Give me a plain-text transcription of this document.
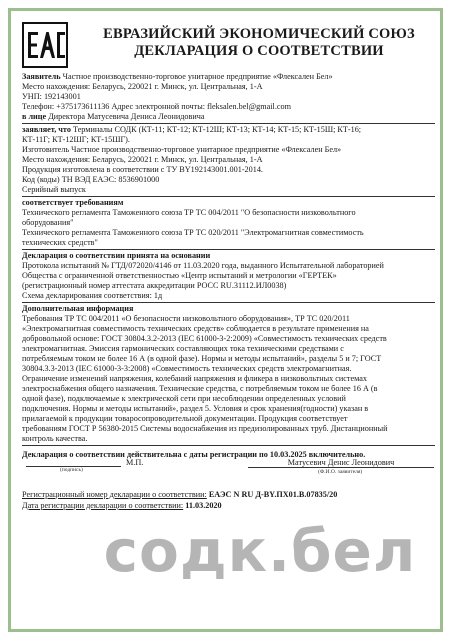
ЕВРАЗИЙСКИЙ ЭКОНОМИЧЕСКИЙ СОЮЗ
ДЕКЛАРАЦИЯ О СООТВЕТСТВИИ
Заявитель Частное производственно-торговое унитарное предприятие «Флексален Бел»
Место нахождения: Беларусь, 220021 г. Минск, ул. Центральная, 1-А
УНП: 192143001
Телефон: +375173611136 Адрес электронной почты: fleksalen.bel@gmail.com
в лице Директора Матусевича Дениса Леонидовича
заявляет, что Терминалы СОДК (КТ-11; КТ-12; КТ-12Ш; КТ-13; КТ-14; КТ-15; КТ-15Ш; КТ-16;
КТ-11Г; КТ-12ШГ; КТ-15ШГ).
Изготовитель Частное производственно-торговое унитарное предприятие «Флексален Бел»
Место нахождения: Беларусь, 220021 г. Минск, ул. Центральная, 1-А
Продукция изготовлена в соответствии с ТУ BY192143001.001-2014.
Код (коды) ТН ВЭД ЕАЭС: 8536901000
Серийный выпуск
соответствует требованиям
Технического регламента Таможенного союза ТР ТС 004/2011 "О безопасности низковольтного
оборудования"
Технического регламента Таможенного союза ТР ТС 020/2011 "Электромагнитная совместимость
технических средств"
Декларация о соответствии принята на основании
Протокола испытаний № ГТД/072020/4146 от 11.03.2020 года, выданного Испытательной лабораторией
Общества с ограниченной ответственностью «Центр испытаний и метрологии «ГЕРТЕК»
(регистрационный номер аттестата аккредитации РОСС RU.31112.ИЛ0038)
Схема декларирования соответствия: 1д
Дополнительная информация
Требования ТР ТС 004/2011 «О безопасности низковольтного оборудования», ТР ТС 020/2011
«Электромагнитная совместимость технических средств» соблюдается в результате применения на
добровольной основе: ГОСТ 30804.3.2-2013 (IEC 61000-3-2:2009) «Совместимость технических средств
электромагнитная. Эмиссия гармонических составляющих тока техническими средствами с
потребляемым током не более 16 А (в одной фазе). Нормы и методы испытаний», разделы 5 и 7; ГОСТ
30804.3.3-2013 (IEC 61000-3-3:2008) «Совместимость технических средств электромагнитная.
Ограничение изменений напряжения, колебаний напряжения и фликера в низковольтных системах
электроснабжения общего назначения. Технические средства, с потребляемым током не более 16 А (в
одной фазе), подключаемые к электрической сети при несоблюдении определенных условий
подключения. Нормы и методы испытаний», раздел 5. Условия и срок хранения(годности) указан в
прилагаемой к продукции товаросопроводительной документации. Продукция соответствует
требованиям ГОСТ Р 56380-2015 Системы водоснабжения из предизолированных труб. Дистанционный
контроль качества.
Декларация о соответствии действительна с даты регистрации по 10.03.2025 включительно.
(подпись)
М.П.	Матусевич Денис Леонидович
(Ф.И.О. заявителя)
Регистрационный номер декларации о соответствии: ЕАЭС N RU Д-BY.ПХ01.В.07835/20
Дата регистрации декларации о соответствии: 11.03.2020
содк.бел
